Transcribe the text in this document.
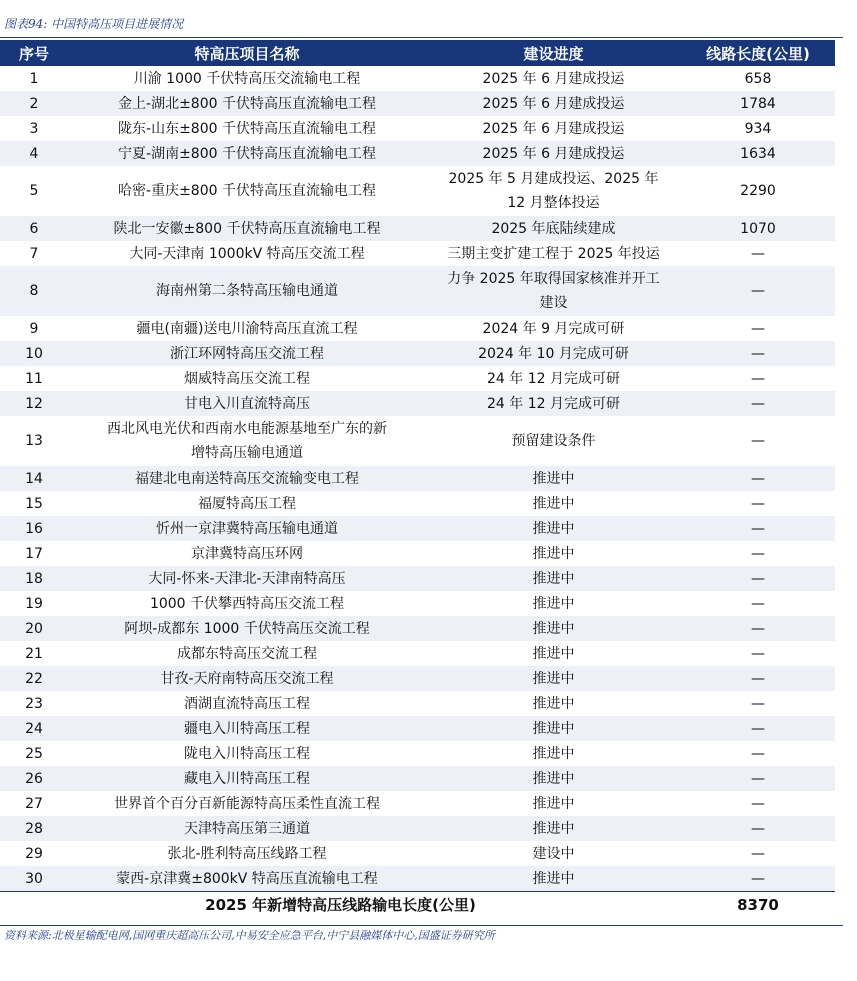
图表94: 中国特高压项目进展情况
序号	特高压项目名称	建设进度	线路长度(公里)
1	川渝 1000 千伏特高压交流输电工程	2025 年 6 月建成投运	658
2	金上-湖北±800 千伏特高压直流输电工程	2025 年 6 月建成投运	1784
3	陇东-山东±800 千伏特高压直流输电工程	2025 年 6 月建成投运	934
4	宁夏-湖南±800 千伏特高压直流输电工程	2025 年 6 月建成投运	1634
5	哈密-重庆±800 千伏特高压直流输电工程	2025 年 5 月建成投运、2025 年
12 月整体投运	2290
6	陕北一安徽±800 千伏特高压直流输电工程	2025 年底陆续建成	1070
7	大同-天津南 1000kV 特高压交流工程	三期主变扩建工程于 2025 年投运	—
8	海南州第二条特高压输电通道	力争 2025 年取得国家核准并开工
建设	—
9	疆电(南疆)送电川渝特高压直流工程	2024 年 9 月完成可研	—
10	浙江环网特高压交流工程	2024 年 10 月完成可研	—
11	烟威特高压交流工程	24 年 12 月完成可研	—
12	甘电入川直流特高压	24 年 12 月完成可研	—
13	西北风电光伏和西南水电能源基地至广东的新
增特高压输电通道	预留建设条件	—
14	福建北电南送特高压交流输变电工程	推进中	—
15	福厦特高压工程	推进中	—
16	忻州一京津冀特高压输电通道	推进中	—
17	京津冀特高压环网	推进中	—
18	大同-怀来-天津北-天津南特高压	推进中	—
19	1000 千伏攀西特高压交流工程	推进中	—
20	阿坝-成都东 1000 千伏特高压交流工程	推进中	—
21	成都东特高压交流工程	推进中	—
22	甘孜-天府南特高压交流工程	推进中	—
23	酒湖直流特高压工程	推进中	—
24	疆电入川特高压工程	推进中	—
25	陇电入川特高压工程	推进中	—
26	藏电入川特高压工程	推进中	—
27	世界首个百分百新能源特高压柔性直流工程	推进中	—
28	天津特高压第三通道	推进中	—
29	张北-胜利特高压线路工程	建设中	—
30	蒙西-京津冀±800kV 特高压直流输电工程	推进中	—
2025 年新增特高压线路输电长度(公里)			8370
资料来源:北极星输配电网,国网重庆超高压公司,中易安全应急平台,中宁县融媒体中心,国盛证券研究所
